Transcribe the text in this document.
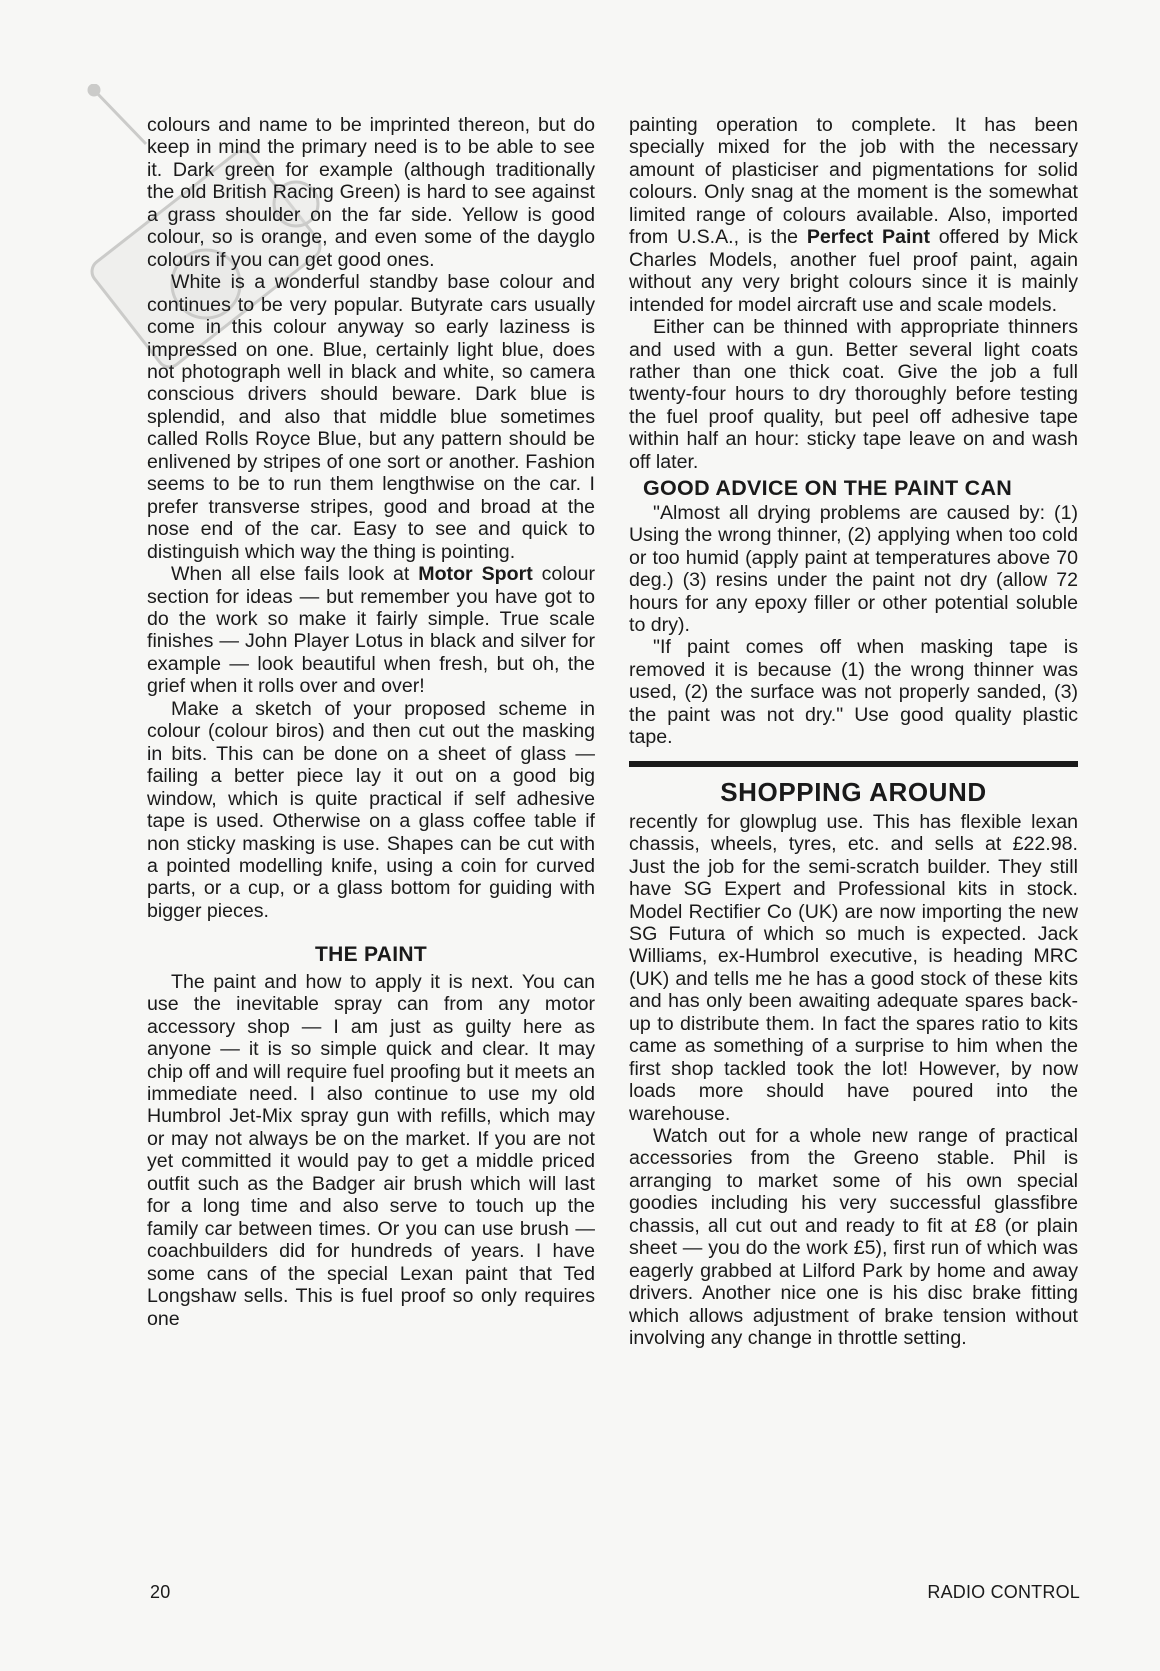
colours and name to be imprinted thereon, but do keep in mind the primary need is to be able to see it. Dark green for example (although traditionally the old British Racing Green) is hard to see against a grass shoulder on the far side. Yellow is good colour, so is orange, and even some of the dayglo colours if you can get good ones.

White is a wonderful standby base colour and continues to be very popular. Butyrate cars usually come in this colour anyway so early laziness is impressed on one. Blue, certainly light blue, does not photograph well in black and white, so camera conscious drivers should beware. Dark blue is splendid, and also that middle blue sometimes called Rolls Royce Blue, but any pattern should be enlivened by stripes of one sort or another. Fashion seems to be to run them lengthwise on the car. I prefer transverse stripes, good and broad at the nose end of the car. Easy to see and quick to distinguish which way the thing is pointing.

When all else fails look at Motor Sport colour section for ideas — but remember you have got to do the work so make it fairly simple. True scale finishes — John Player Lotus in black and silver for example — look beautiful when fresh, but oh, the grief when it rolls over and over!

Make a sketch of your proposed scheme in colour (colour biros) and then cut out the masking in bits. This can be done on a sheet of glass — failing a better piece lay it out on a good big window, which is quite practical if self adhesive tape is used. Otherwise on a glass coffee table if non sticky masking is use. Shapes can be cut with a pointed modelling knife, using a coin for curved parts, or a cup, or a glass bottom for guiding with bigger pieces.

THE PAINT

The paint and how to apply it is next. You can use the inevitable spray can from any motor accessory shop — I am just as guilty here as anyone — it is so simple quick and clear. It may chip off and will require fuel proofing but it meets an immediate need. I also continue to use my old Humbrol Jet-Mix spray gun with refills, which may or may not always be on the market. If you are not yet committed it would pay to get a middle priced outfit such as the Badger air brush which will last for a long time and also serve to touch up the family car between times. Or you can use brush — coachbuilders did for hundreds of years. I have some cans of the special Lexan paint that Ted Longshaw sells. This is fuel proof so only requires one

painting operation to complete. It has been specially mixed for the job with the necessary amount of plasticiser and pigmentations for solid colours. Only snag at the moment is the somewhat limited range of colours available. Also, imported from U.S.A., is the Perfect Paint offered by Mick Charles Models, another fuel proof paint, again without any very bright colours since it is mainly intended for model aircraft use and scale models.

Either can be thinned with appropriate thinners and used with a gun. Better several light coats rather than one thick coat. Give the job a full twenty-four hours to dry thoroughly before testing the fuel proof quality, but peel off adhesive tape within half an hour: sticky tape leave on and wash off later.

GOOD ADVICE ON THE PAINT CAN

"Almost all drying problems are caused by: (1) Using the wrong thinner, (2) applying when too cold or too humid (apply paint at temperatures above 70 deg.) (3) resins under the paint not dry (allow 72 hours for any epoxy filler or other potential soluble to dry).

"If paint comes off when masking tape is removed it is because (1) the wrong thinner was used, (2) the surface was not properly sanded, (3) the paint was not dry." Use good quality plastic tape.

SHOPPING AROUND

recently for glowplug use. This has flexible lexan chassis, wheels, tyres, etc. and sells at £22.98. Just the job for the semi-scratch builder. They still have SG Expert and Professional kits in stock. Model Rectifier Co (UK) are now importing the new SG Futura of which so much is expected. Jack Williams, ex-Humbrol executive, is heading MRC (UK) and tells me he has a good stock of these kits and has only been awaiting adequate spares back-up to distribute them. In fact the spares ratio to kits came as something of a surprise to him when the first shop tackled took the lot! However, by now loads more should have poured into the warehouse.

Watch out for a whole new range of practical accessories from the Greeno stable. Phil is arranging to market some of his own special goodies including his very successful glassfibre chassis, all cut out and ready to fit at £8 (or plain sheet — you do the work £5), first run of which was eagerly grabbed at Lilford Park by home and away drivers. Another nice one is his disc brake fitting which allows adjustment of brake tension without involving any change in throttle setting.

20	RADIO CONTROL
